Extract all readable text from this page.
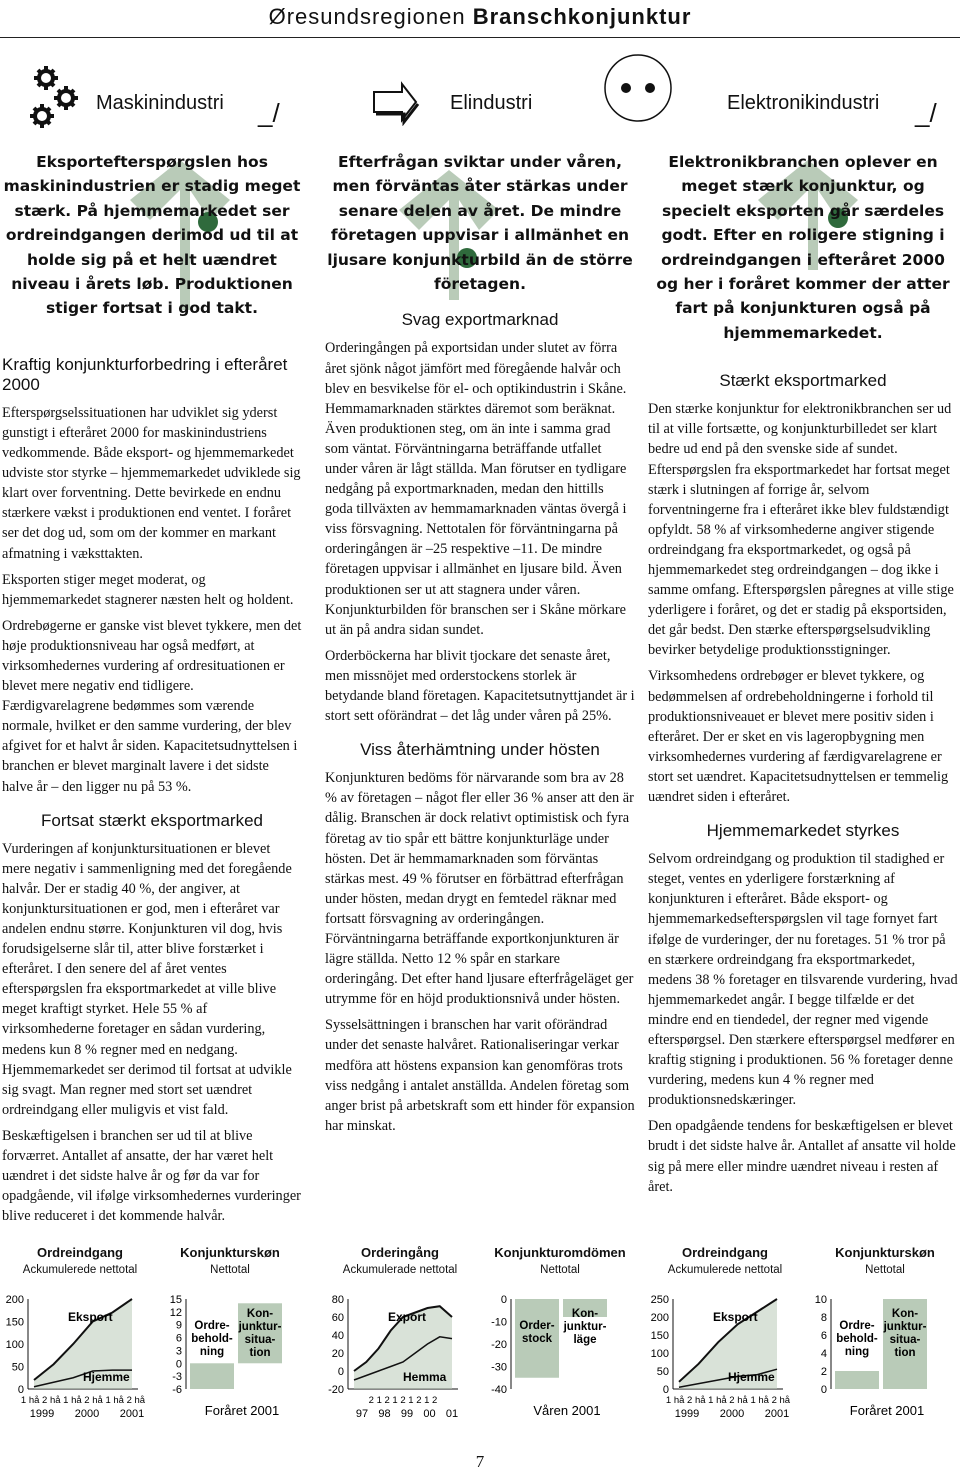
Øresundsregionen Branschkonjunktur
Maskinindustri _/	Elindustri	Elektronikindustri _/
Eksportefterspørgslen hos maskinindustrien er stadig meget stærk. På hjemmemarkedet ser ordreindgangen derimod ud til at holde sig på et helt uændret niveau i årets løb. Produktionen stiger fortsat i god takt.
Kraftig konjunkturforbedring i efteråret 2000

Efterspørgselssituationen har udviklet sig yderst gunstigt i efteråret 2000 for maskinindustriens vedkommende. Både eksport- og hjemmemarkedet udviste stor styrke – hjemmemarkedet udviklede sig klart over forventning. Dette bevirkede en endnu stærkere vækst i produktionen end ventet. I foråret ser det dog ud, som om der kommer en markant afmatning i væksttakten.

Eksporten stiger meget moderat, og hjemmemarkedet stagnerer næsten helt og holdent.

Ordrebøgerne er ganske vist blevet tykkere, men det høje produktionsniveau har også medført, at virksomhedernes vurdering af ordresituationen er blevet mere negativ end tidligere. Færdigvarelagrene bedømmes som værende normale, hvilket er den samme vurdering, der blev afgivet for et halvt år siden. Kapacitetsudnyttelsen i branchen er blevet marginalt lavere i det sidste halve år – den ligger nu på 53 %.

Fortsat stærkt eksportmarked

Vurderingen af konjunktursituationen er blevet mere negativ i sammenligning med det foregående halvår. Der er stadig 40 %, der angiver, at konjunktursituationen er god, men i efteråret var andelen endnu større. Konjunkturen vil dog, hvis forudsigelserne slår til, atter blive forstærket i efteråret. I den senere del af året ventes efterspørgslen fra eksportmarkedet at ville blive meget kraftigt styrket. Hele 55 % af virksomhederne foretager en sådan vurdering, medens kun 8 % regner med en nedgang. Hjemmemarkedet ser derimod til fortsat at udvikle sig svagt. Man regner med stort set uændret ordreindgang eller muligvis et vist fald.

Beskæftigelsen i branchen ser ud til at blive forværret. Antallet af ansatte, der har været helt uændret i det sidste halve år og før da var for opadgående, vil ifølge virksomhedernes vurderinger blive reduceret i det kommende halvår.

Efterfrågan sviktar under våren, men förväntas åter stärkas under senare delen av året. De mindre företagen uppvisar i allmänhet en ljusare konjunkturbild än de större företagen.
Svag exportmarknad

Orderingången på exportsidan under slutet av förra året sjönk något jämfört med föregående halvår och blev en besvikelse för el- och optikindustrin i Skåne. Hemmamarknaden stärktes däremot som beräknat. Även produktionen steg, om än inte i samma grad som väntat. Förväntningarna beträffande utfallet under våren är lågt ställda. Man förutser en tydligare nedgång på exportmarknaden, medan den hittills goda tillväxten av hemmamarknaden väntas övergå i viss försvagning. Nettotalen för förväntningarna på orderingången är –25 respektive –11. De mindre företagen uppvisar i allmänhet en ljusare bild. Även produktionen ser ut att stagnera under våren. Konjunkturbilden för branschen ser i Skåne mörkare ut än på andra sidan sundet.

Orderböckerna har blivit tjockare det senaste året, men missnöjet med orderstockens storlek är betydande bland företagen. Kapacitetsutnyttjandet är i stort sett oförändrat – det låg under våren på 25%.

Viss återhämtning under hösten

Konjunkturen bedöms för närvarande som bra av 28 % av företagen – något fler eller 36 % anser att den är dålig. Branschen är dock relativt optimistisk och fyra företag av tio spår ett bättre konjunkturläge under hösten. Det är hemmamarknaden som förväntas stärkas mest. 49 % förutser en förbättrad efterfrågan under hösten, medan drygt en femtedel räknar med fortsatt försvagning av orderingången. Förväntningarna beträffande exportkonjunkturen är lägre ställda. Netto 12 % spår en starkare orderingång. Det efter hand ljusare efterfrågeläget ger utrymme för en höjd produktionsnivå under hösten.

Sysselsättningen i branschen har varit oförändrad under det senaste halvåret. Rationaliseringar verkar medföra att höstens expansion kan genomföras trots viss nedgång i antalet anställda. Andelen företag som anger brist på arbetskraft som ett hinder för expansion har minskat.

Elektronikbranchen oplever en meget stærk konjunktur, og specielt eksporten går særdeles godt. Efter en roligere stigning i ordreindgangen i efteråret 2000 og her i foråret kommer der atter fart på konjunkturen også på hjemmemarkedet.
Stærkt eksportmarked

Den stærke konjunktur for elektronikbranchen ser ud til at ville fortsætte, og konjunkturbilledet ser klart bedre ud end på den svenske side af sundet. Efterspørgslen fra eksportmarkedet har fortsat meget stærk i slutningen af forrige år, selvom forventningerne fra i efteråret ikke blev fuldstændigt opfyldt. 58 % af virksomhederne angiver stigende ordreindgang fra eksportmarkedet, og også på hjemmemarkedet steg ordreindgangen – dog ikke i samme omfang. Efterspørgslen påregnes at ville stige yderligere i foråret, og det er stadig på eksportsiden, det går bedst. Den stærke efterspørgselsudvikling bevirker betydelige produktionsstigninger.

Virksomhedens ordrebøger er blevet tykkere, og bedømmelsen af ordrebeholdningerne i forhold til produktionsniveauet er blevet mere positiv siden i efteråret. Der er sket en vis lageropbygning men virksomhedernes vurdering af færdigvarelagrene er stort set uændret. Kapacitetsudnyttelsen er temmelig uændret siden i efteråret.

Hjemmemarkedet styrkes

Selvom ordreindgang og produktion til stadighed er steget, ventes en yderligere forstærkning af konjunkturen i efteråret. Både eksport- og hjemmemarkedsefterspørgslen vil tage fornyet fart ifølge de vurderinger, der nu foretages. 51 % tror på en stærkere ordreindgang fra eksportmarkedet, medens 38 % foretager en tilsvarende vurdering, hvad hjemmemarkedet angår. I begge tilfælde er det mindre end en tiendedel, der regner med vigende efterspørgsel. Den stærkere efterspørgsel medfører en kraftig stigning i produktionen. 56 % foretager denne vurdering, medens kun 4 % regner med produktionsnedskæringer.

Den opadgående tendens for beskæftigelsen er blevet brudt i det sidste halve år. Antallet af ansatte vil holde sig på mere eller mindre uændret niveau i resten af året.

Ordreindgang
Ackumulerede nettotal
200
150
100
50
0
Eksport
Hjemme
1 hå 2 hå 1 hå 2 hå 1 hå 2 hå
1999 2000 2001
Konjunkturskøn
Nettotal
15
12
9
6
3
0
-3
-6
Ordre-
behold-
ning
Kon-
junktur-
situa-
tion
Foråret 2001
Orderingång
Ackumulerade nettotal
80
60
40
20
0
-20
Export
Hemma
2 1 2 1 2 1 2 1 2
97 98 99 00 01
Konjunkturomdömen
Nettotal
0
-10
-20
-30
-40
Order-
stock
Kon-
junktur-
läge
Våren 2001
Ordreindgang
Ackumulerede nettotal
250
200
150
100
50
0
Eksport
Hjemme
1 hå 2 hå 1 hå 2 hå 1 hå 2 hå
1999 2000 2001
Konjunkturskøn
Nettotal
10
8
6
4
2
0
Ordre-
behold-
ning
Kon-
junktur-
situa-
tion
Foråret 2001
7
